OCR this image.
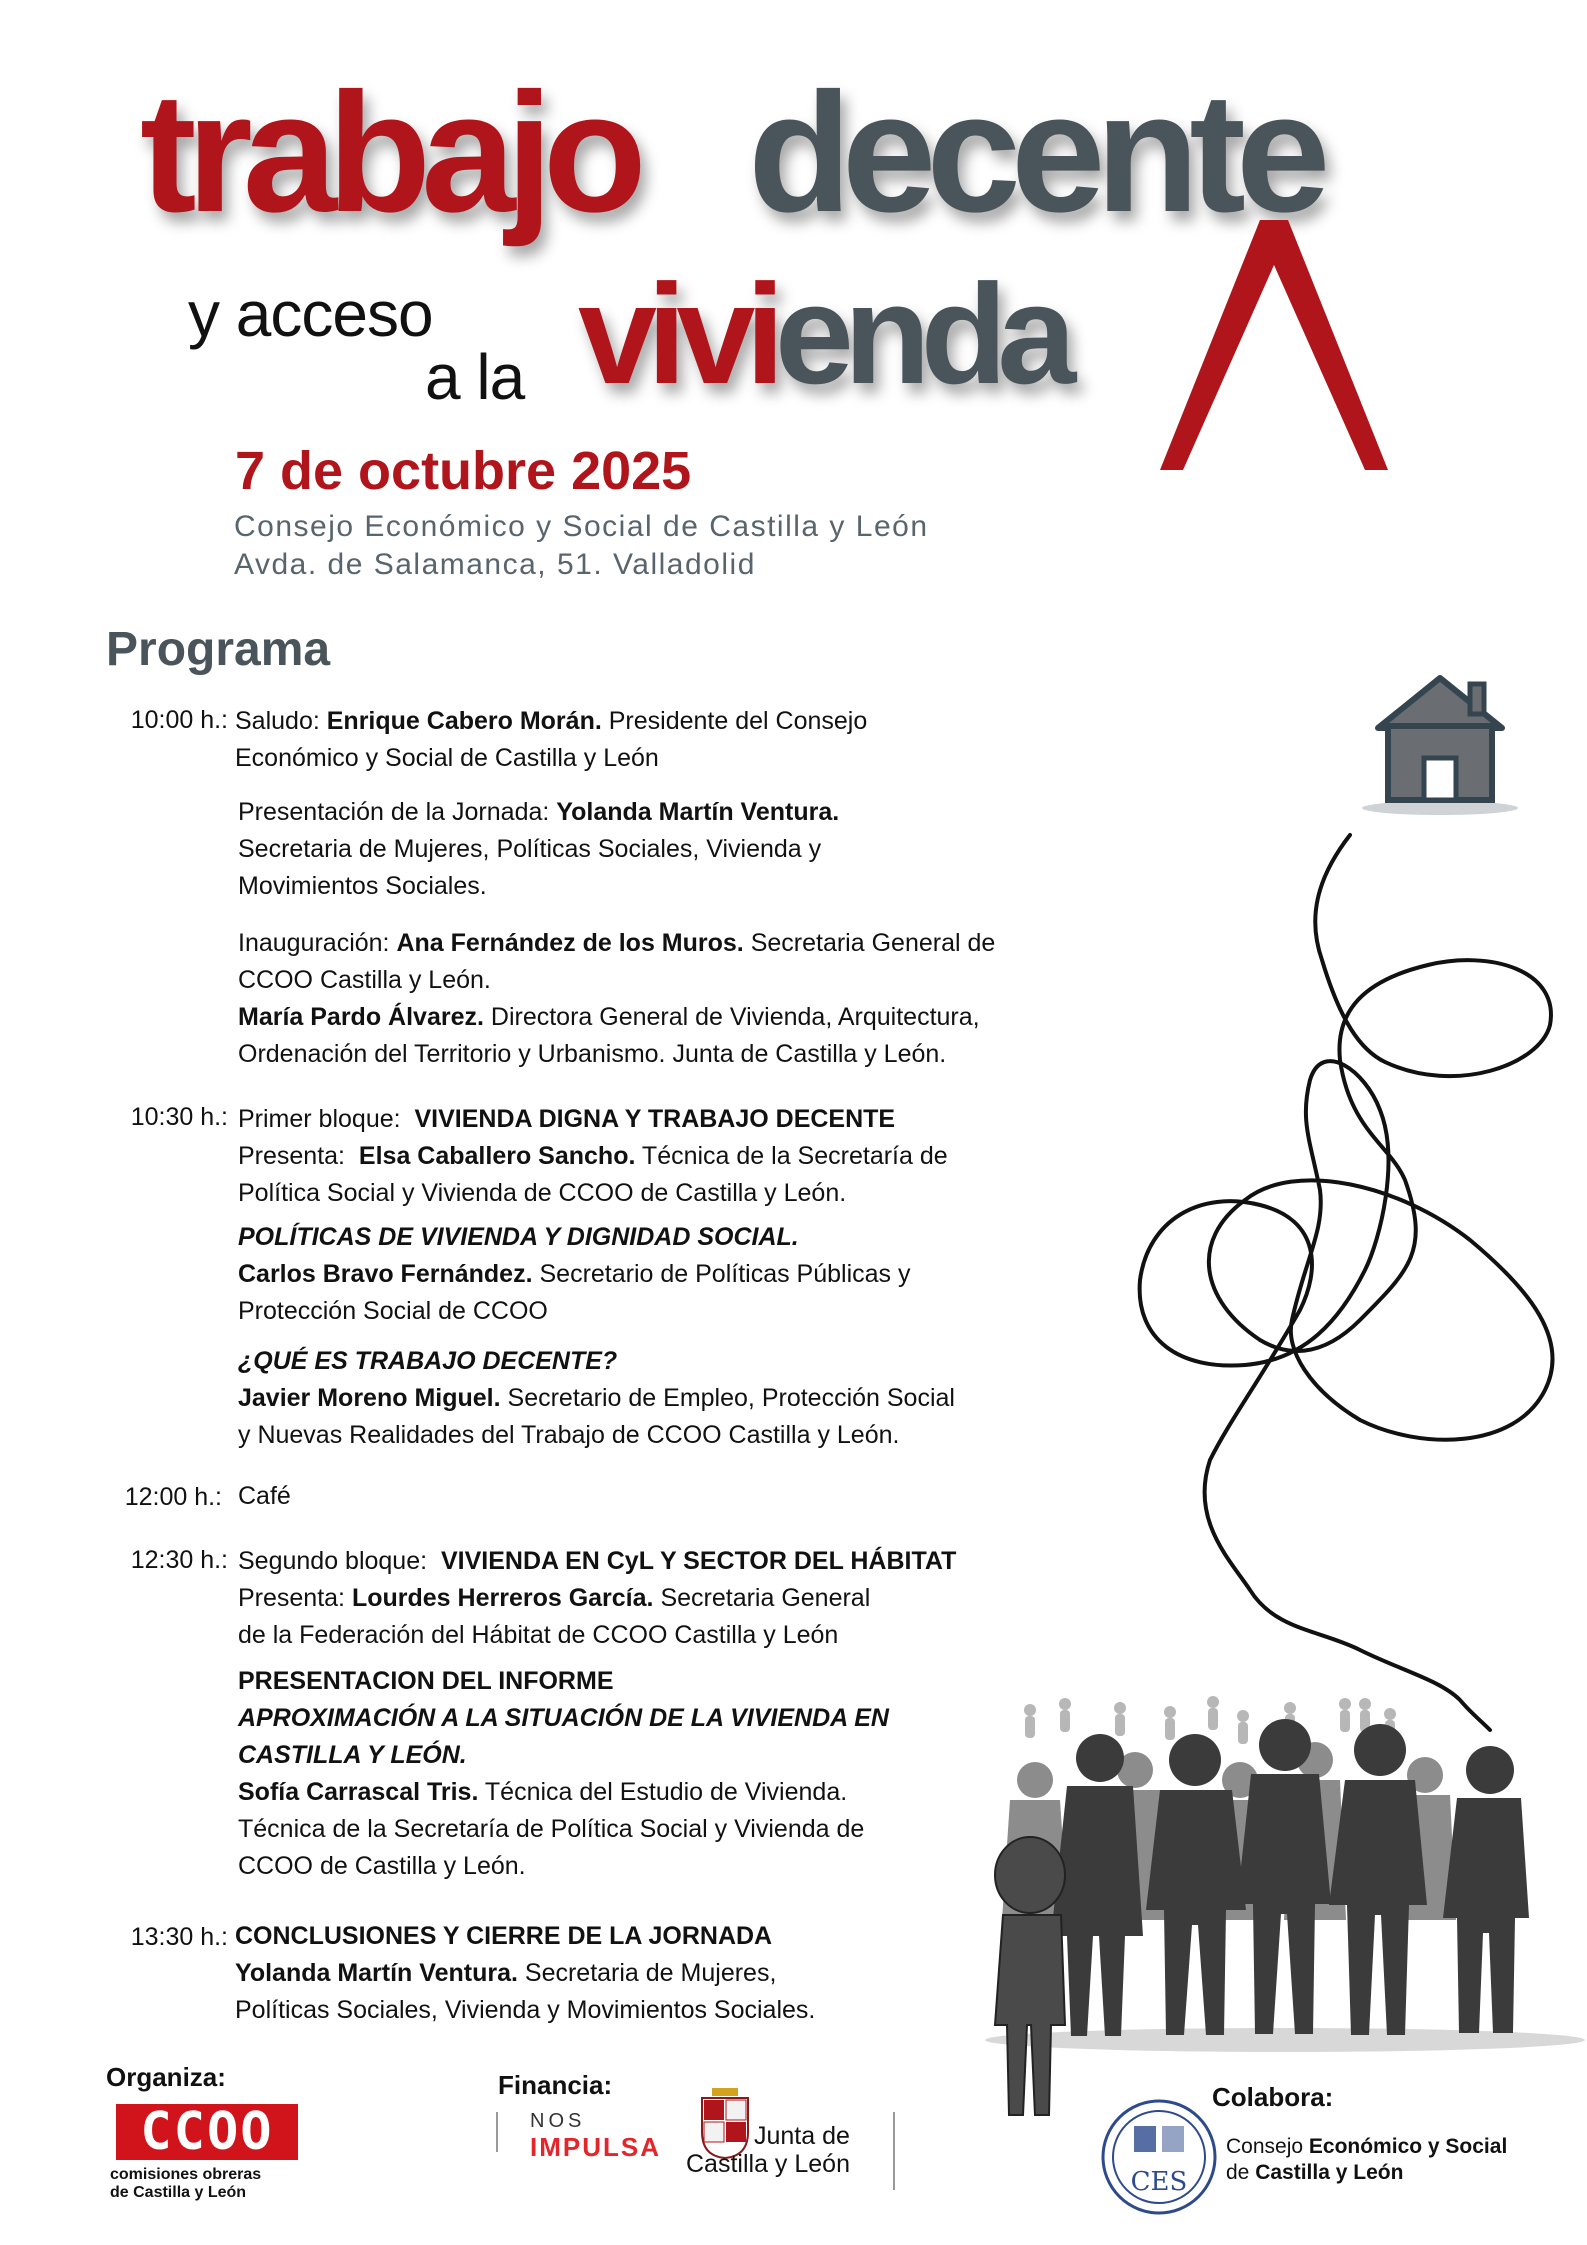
trabajo decente
y acceso
a la vivienda
7 de octubre 2025
Consejo Económico y Social de Castilla y León
Avda. de Salamanca, 51. Valladolid
Programa
10:00 h.: Saludo: Enrique Cabero Morán. Presidente del Consejo
Económico y Social de Castilla y León
Presentación de la Jornada: Yolanda Martín Ventura.
Secretaria de Mujeres, Políticas Sociales, Vivienda y
Movimientos Sociales.
Inauguración: Ana Fernández de los Muros. Secretaria General de
CCOO Castilla y León.
María Pardo Álvarez. Directora General de Vivienda, Arquitectura,
Ordenación del Territorio y Urbanismo. Junta de Castilla y León.
10:30 h.: Primer bloque: VIVIENDA DIGNA Y TRABAJO DECENTE
Presenta: Elsa Caballero Sancho. Técnica de la Secretaría de
Política Social y Vivienda de CCOO de Castilla y León.
POLÍTICAS DE VIVIENDA Y DIGNIDAD SOCIAL.
Carlos Bravo Fernández. Secretario de Políticas Públicas y
Protección Social de CCOO
¿QUÉ ES TRABAJO DECENTE?
Javier Moreno Miguel. Secretario de Empleo, Protección Social
y Nuevas Realidades del Trabajo de CCOO Castilla y León.
12:00 h.: Café
12:30 h.: Segundo bloque: VIVIENDA EN CyL Y SECTOR DEL HÁBITAT
Presenta: Lourdes Herreros García. Secretaria General
de la Federación del Hábitat de CCOO Castilla y León
PRESENTACION DEL INFORME
APROXIMACIÓN A LA SITUACIÓN DE LA VIVIENDA EN
CASTILLA Y LEÓN.
Sofía Carrascal Tris. Técnica del Estudio de Vivienda.
Técnica de la Secretaría de Política Social y Vivienda de
CCOO de Castilla y León.
13:30 h.: CONCLUSIONES Y CIERRE DE LA JORNADA
Yolanda Martín Ventura. Secretaria de Mujeres,
Políticas Sociales, Vivienda y Movimientos Sociales.
Organiza:	Financia:	Colabora:
CCOO
comisiones obreras
de Castilla y León
NOS
IMPULSA	Junta de
Castilla y León
CES
Consejo Económico y Social
de Castilla y León
